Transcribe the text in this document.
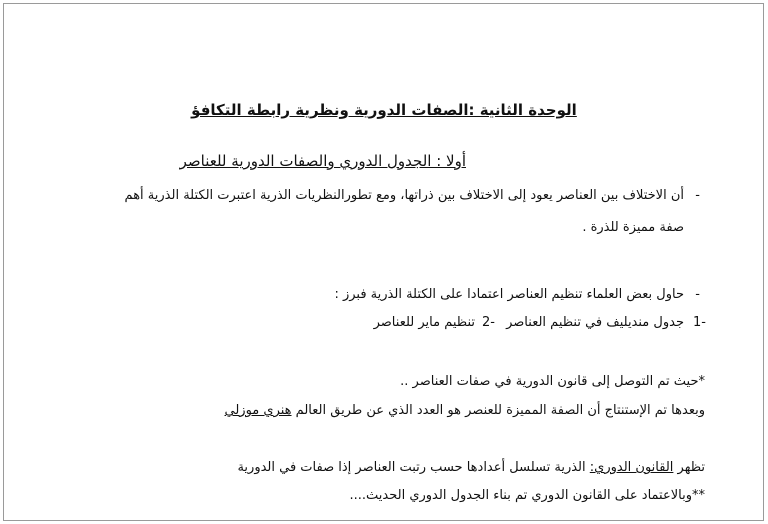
الوحدة الثانية :الصفات الدورية ونظرية رابطة التكافؤ
أولا : الجدول الدوري والصفات الدورية للعناصر
-
أن الاختلاف بين العناصر يعود إلى الاختلاف بين ذراتها، ومع تطورالنظريات الذرية اعتبرت الكتلة الذرية أهم
صفة مميزة للذرة .
-
حاول بعض العلماء تنظيم العناصر اعتمادا على الكتلة الذرية فبرز :
-1
جدول منديليف في تنظيم العناصر
-2
تنظيم ماير للعناصر
*حيث تم التوصل إلى قانون الدورية في صفات العناصر ..
وبعدها تم الإستنتاج أن الصفة المميزة للعنصر هو العدد الذي عن طريق العالم هنري موزلي
تظهر القانون الدوري: الذرية تسلسل أعدادها حسب رتبت العناصر إذا صفات في الدورية
**وبالاعتماد على القانون الدوري تم بناء الجدول الدوري الحديث....
